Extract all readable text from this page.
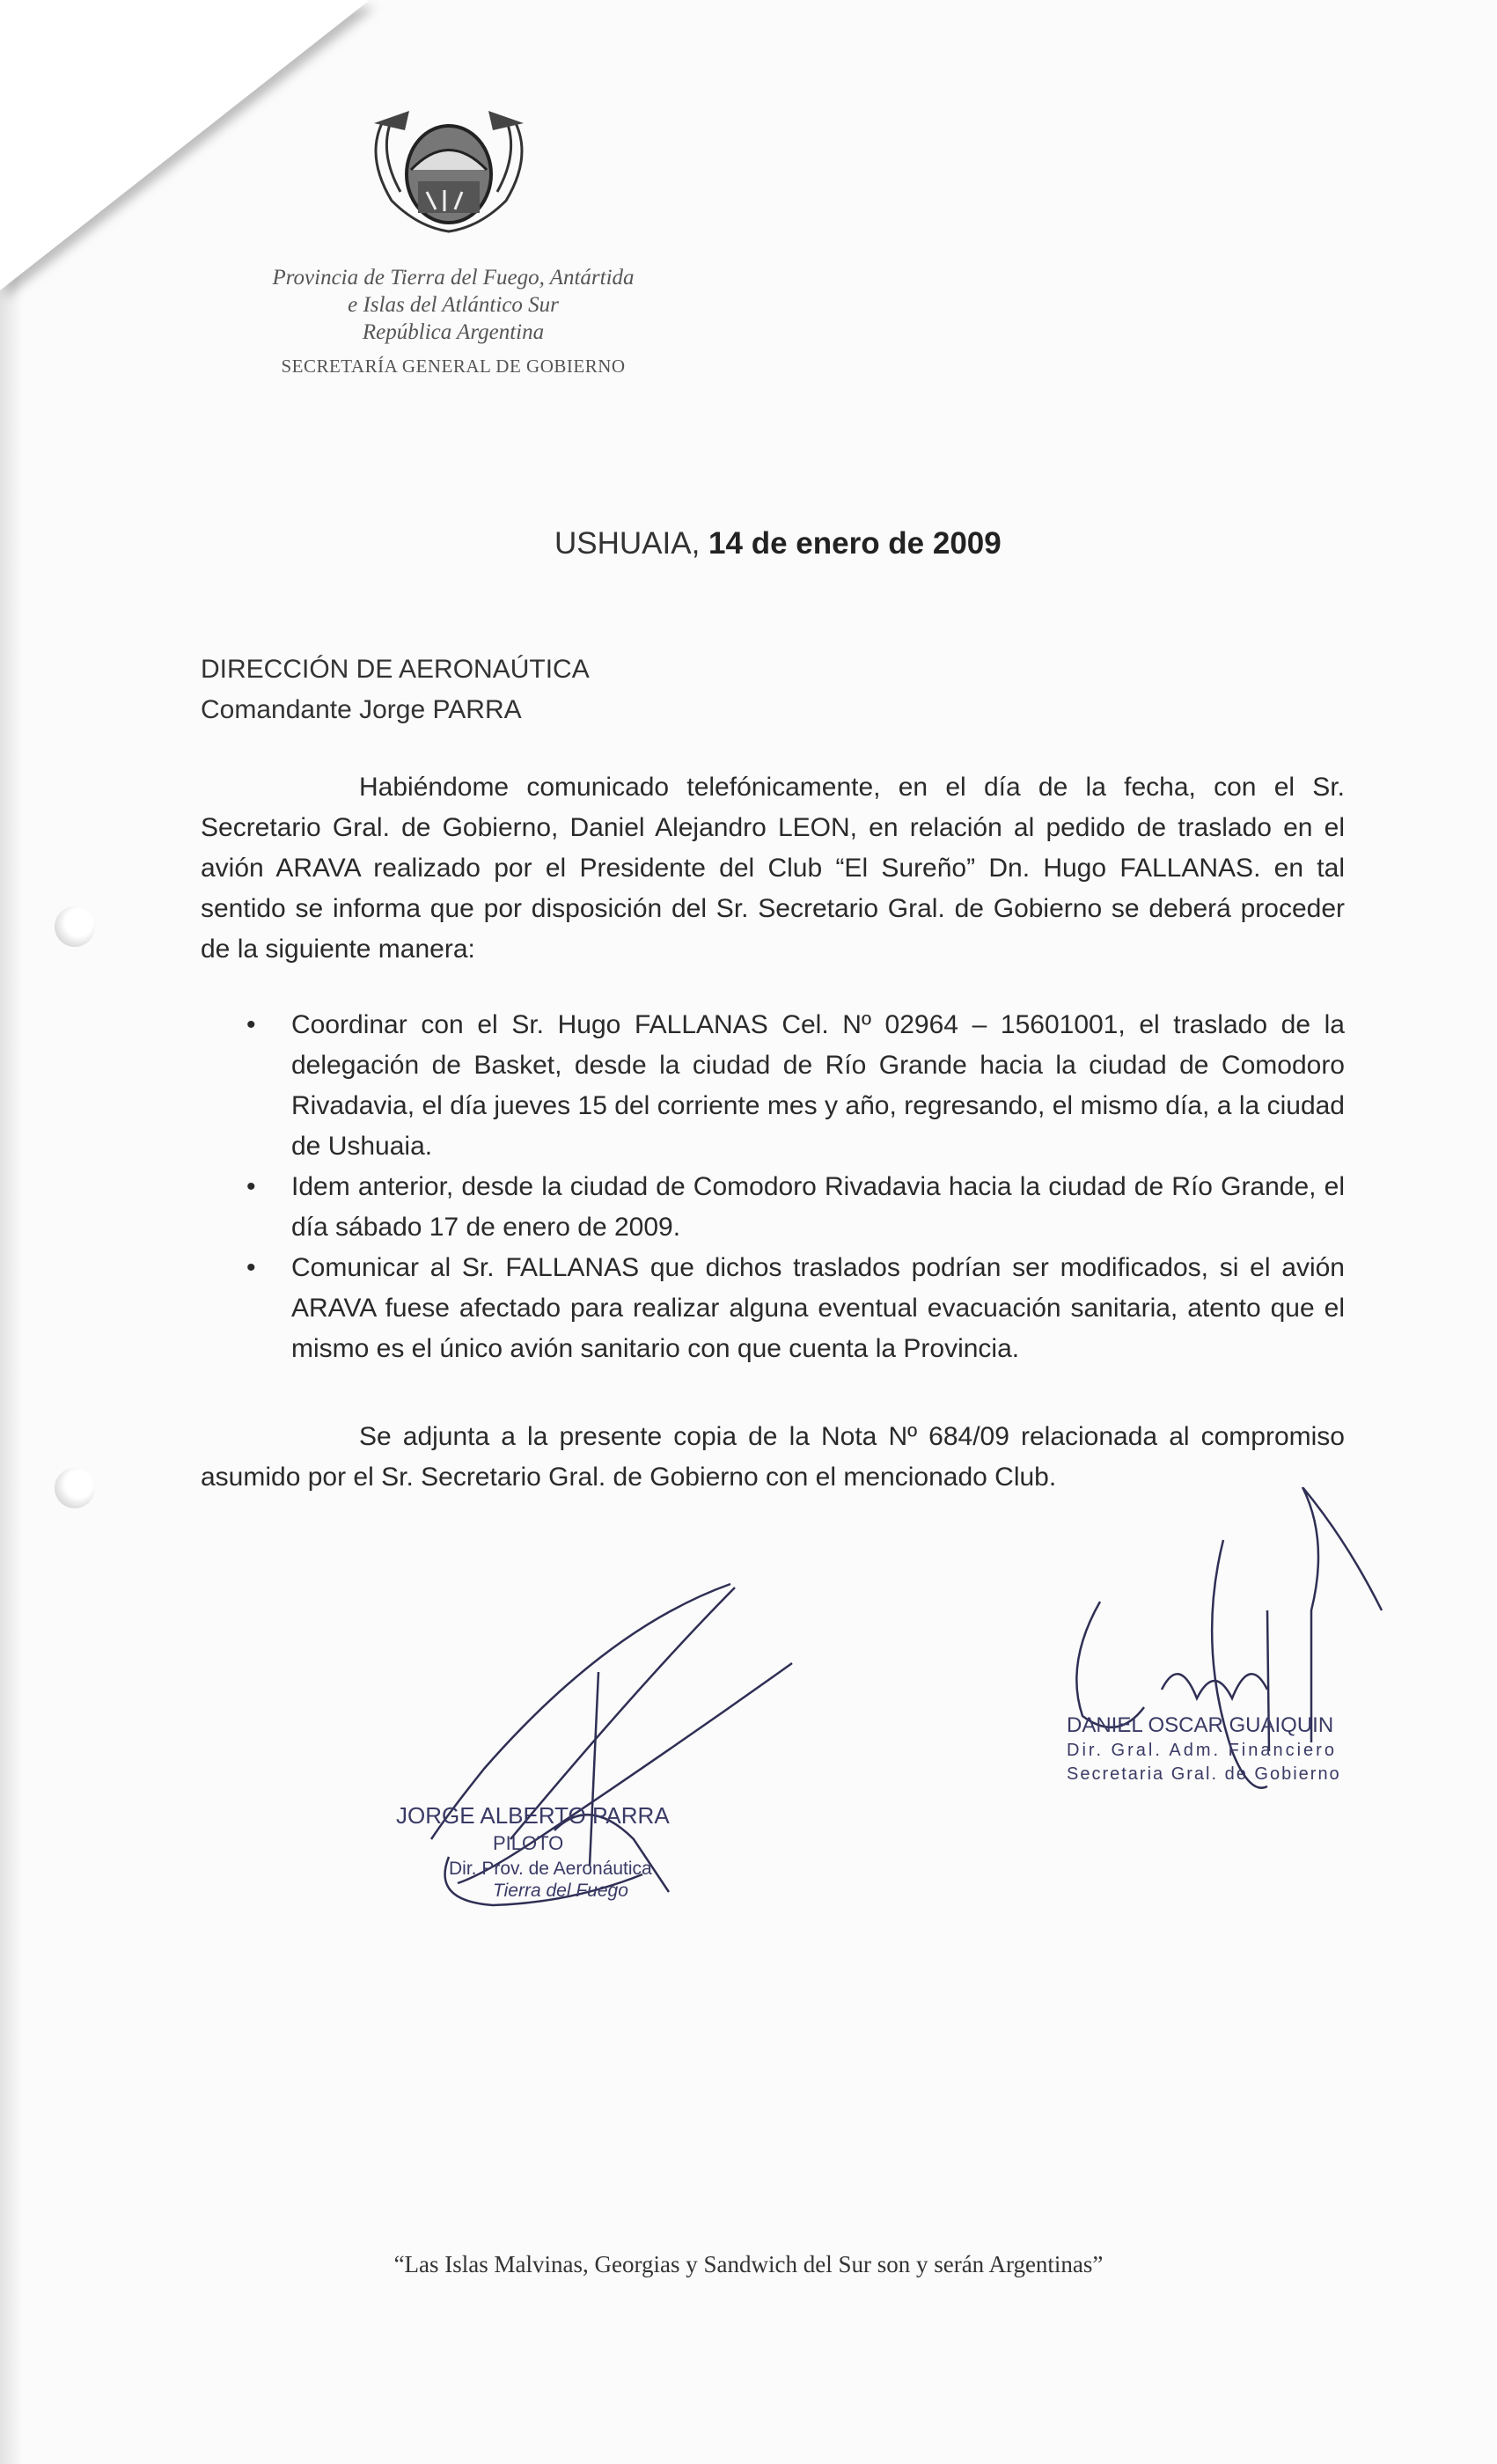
Provincia de Tierra del Fuego, Antártida
e Islas del Atlántico Sur
República Argentina
SECRETARÍA GENERAL DE GOBIERNO
USHUAIA, 14 de enero de 2009
DIRECCIÓN DE AERONAÚTICA
Comandante Jorge PARRA
Habiéndome comunicado telefónicamente, en el día de la fecha, con el Sr. Secretario Gral. de Gobierno, Daniel Alejandro LEON, en relación al pedido de traslado en el avión ARAVA realizado por el Presidente del Club “El Sureño” Dn. Hugo FALLANAS. en tal sentido se informa que por disposición del Sr. Secretario Gral. de Gobierno se deberá proceder de la siguiente manera:
• Coordinar con el Sr. Hugo FALLANAS Cel. Nº 02964 – 15601001, el traslado de la delegación de Basket, desde la ciudad de Río Grande hacia la ciudad de Comodoro Rivadavia, el día jueves 15 del corriente mes y año, regresando, el mismo día, a la ciudad de Ushuaia.
• Idem anterior, desde la ciudad de Comodoro Rivadavia hacia la ciudad de Río Grande, el día sábado 17 de enero de 2009.
• Comunicar al Sr. FALLANAS que dichos traslados podrían ser modificados, si el avión ARAVA fuese afectado para realizar alguna eventual evacuación sanitaria, atento que el mismo es el único avión sanitario con que cuenta la Provincia.
Se adjunta a la presente copia de la Nota Nº 684/09 relacionada al compromiso asumido por el Sr. Secretario Gral. de Gobierno con el mencionado Club.
JORGE ALBERTO PARRA
PILOTO
Dir. Prov. de Aeronáutica
Tierra del Fuego
DANIEL OSCAR GUAIQUIN
Dir. Gral. Adm. Financiero
Secretaria Gral. de Gobierno
“Las Islas Malvinas, Georgias y Sandwich del Sur son y serán Argentinas”
